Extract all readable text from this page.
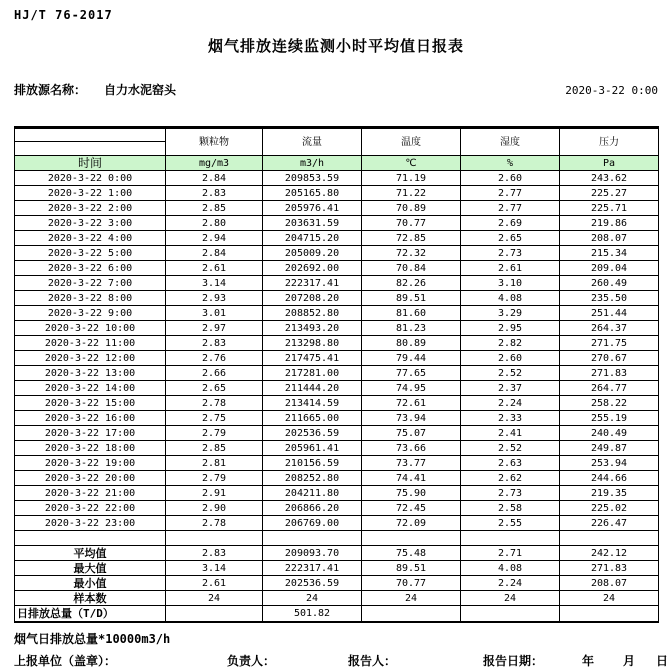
HJ/T 76-2017
烟气排放连续监测小时平均值日报表
排放源名称： 自力水泥窑头	2020-3-22 0:00
	颗粒物	流量	温度	湿度	压力
时间	mg/m3	m3/h	℃	%	Pa
2020-3-22 0:00	2.84	209853.59	71.19	2.60	243.62
2020-3-22 1:00	2.83	205165.80	71.22	2.77	225.27
2020-3-22 2:00	2.85	205976.41	70.89	2.77	225.71
2020-3-22 3:00	2.80	203631.59	70.77	2.69	219.86
2020-3-22 4:00	2.94	204715.20	72.85	2.65	208.07
2020-3-22 5:00	2.84	205009.20	72.32	2.73	215.34
2020-3-22 6:00	2.61	202692.00	70.84	2.61	209.04
2020-3-22 7:00	3.14	222317.41	82.26	3.10	260.49
2020-3-22 8:00	2.93	207208.20	89.51	4.08	235.50
2020-3-22 9:00	3.01	208852.80	81.60	3.29	251.44
2020-3-22 10:00	2.97	213493.20	81.23	2.95	264.37
2020-3-22 11:00	2.83	213298.80	80.89	2.82	271.75
2020-3-22 12:00	2.76	217475.41	79.44	2.60	270.67
2020-3-22 13:00	2.66	217281.00	77.65	2.52	271.83
2020-3-22 14:00	2.65	211444.20	74.95	2.37	264.77
2020-3-22 15:00	2.78	213414.59	72.61	2.24	258.22
2020-3-22 16:00	2.75	211665.00	73.94	2.33	255.19
2020-3-22 17:00	2.79	202536.59	75.07	2.41	240.49
2020-3-22 18:00	2.85	205961.41	73.66	2.52	249.87
2020-3-22 19:00	2.81	210156.59	73.77	2.63	253.94
2020-3-22 20:00	2.79	208252.80	74.41	2.62	244.66
2020-3-22 21:00	2.91	204211.80	75.90	2.73	219.35
2020-3-22 22:00	2.90	206866.20	72.45	2.58	225.02
2020-3-22 23:00	2.78	206769.00	72.09	2.55	226.47

平均值	2.83	209093.70	75.48	2.71	242.12
最大值	3.14	222317.41	89.51	4.08	271.83
最小值	2.61	202536.59	70.77	2.24	208.07
样本数	24	24	24	24	24
日排放总量（T/D）		501.82			
烟气日排放总量*10000m3/h
上报单位（盖章）：	负责人：	报告人：	报告日期：	年 月 日
